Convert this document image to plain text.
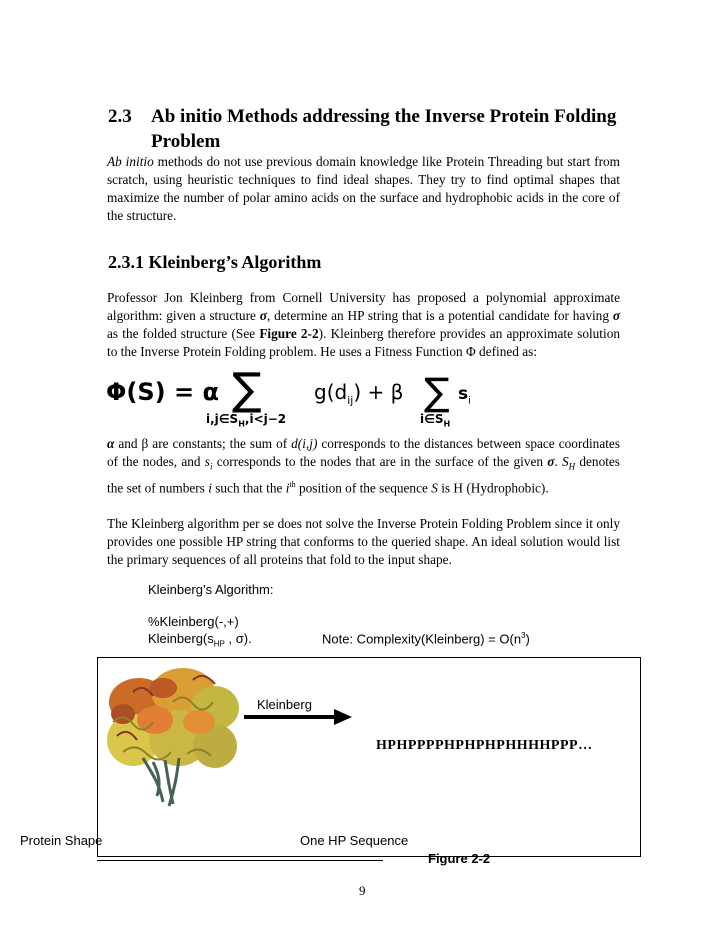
2.3 Ab initio Methods addressing the Inverse Protein Folding Problem
Ab initio methods do not use previous domain knowledge like Protein Threading but start from scratch, using heuristic techniques to find ideal shapes. They try to find optimal shapes that maximize the number of polar amino acids on the surface and hydrophobic acids in the core of the structure.
2.3.1 Kleinberg’s Algorithm
Professor Jon Kleinberg from Cornell University has proposed a polynomial approximate algorithm: given a structure σ, determine an HP string that is a potential candidate for having σ as the folded structure (See Figure 2-2). Kleinberg therefore provides an approximate solution to the Inverse Protein Folding problem. He uses a Fitness Function Φ defined as:
Φ(S) = α ∑
$i,j\in S_H,i<j-2$
$g(d_{ij}) + \beta$ ∑
$i\in S_H$
$s_i$
α and β are constants; the sum of d(i,j) corresponds to the distances between space coordinates of the nodes, and $s_i$ corresponds to the nodes that are in the surface of the given σ. $S_H$ denotes the set of numbers i such that the $i^{th}$ position of the sequence S is H (Hydrophobic).
The Kleinberg algorithm per se does not solve the Inverse Protein Folding Problem since it only provides one possible HP string that conforms to the queried shape. An ideal solution would list the primary sequences of all proteins that fold to the input shape.
Kleinberg’s Algorithm:
%Kleinberg(-,+)
$Kleinberg(s_{HP}$ , σ).	Note: Complexity(Kleinberg) = $O(n^3)$
Kleinberg
HPHPPPPHPHPHPHHHHPPP…
Protein Shape	One HP Sequence
Figure 2-2
9
